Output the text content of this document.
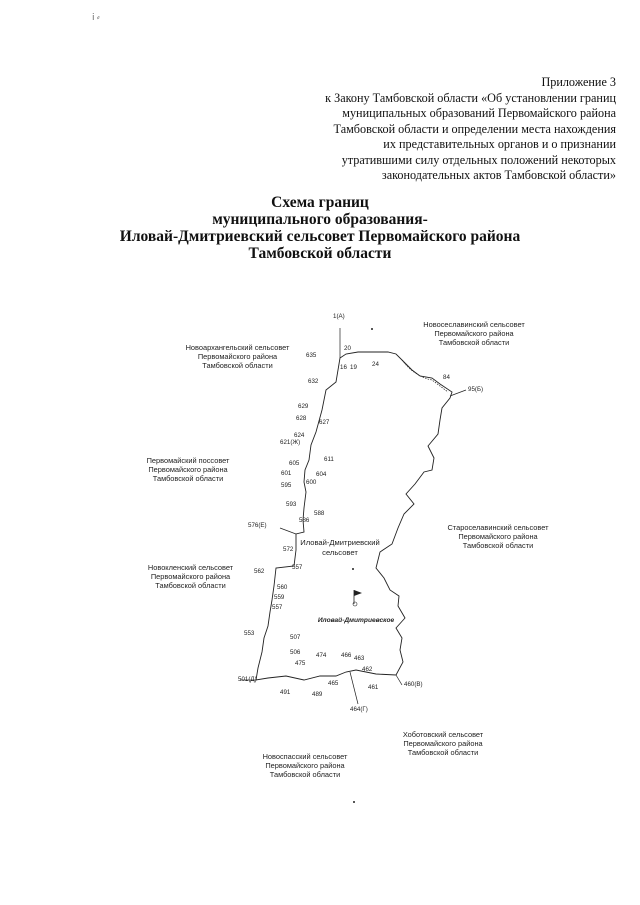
ⅰ ⸗
Приложение 3
к Закону Тамбовской области «Об установлении границ
муниципальных образований Первомайского района
Тамбовской области и определении места нахождения
их представительных органов и о признании
утратившими силу отдельных положений некоторых
законодательных актов Тамбовской области»
Схема границ
муниципального образования-
Иловай-Дмитриевский сельсовет Первомайского района
Тамбовской области
Новосеславинский сельсовет
Первомайского района
Тамбовской области
Новоархангельский сельсовет
Первомайского района
Тамбовской области
Первомайский поссовет
Первомайского района
Тамбовской области
Староселавинский сельсовет
Первомайского района
Тамбовской области
Новокленский сельсовет
Первомайского района
Тамбовской области
Хоботовский сельсовет
Первомайского района
Тамбовской области
Новоспасский сельсовет
Первомайского района
Тамбовской области
Иловай-Дмитриевский
сельсовет
Иловай-Дмитриевское
1(А)
20
16 19 24
84
95(Б)
635
632
629
628
627
624
621(Ж)
611
605
601	604
595 600
593
588
586
576(Е)
572
562
557
560
559
557
553
507
506	474 466 463
475
462
501(Д)
465
461	460(В)
491	489
464(Г)
